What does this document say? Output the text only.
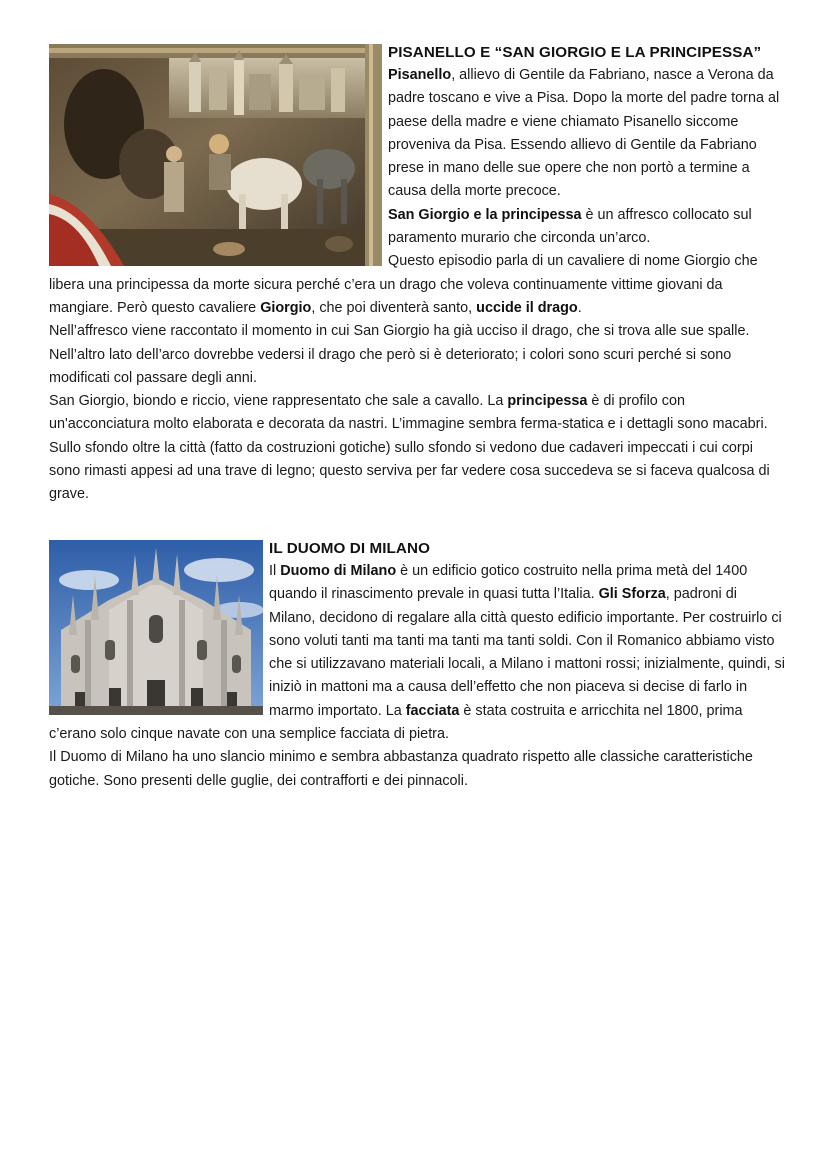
PISANELLO E “SAN GIORGIO E LA PRINCIPESSA”

Pisanello, allievo di Gentile da Fabriano, nasce a Verona da padre toscano e vive a Pisa. Dopo la morte del padre torna al paese della madre e viene chiamato Pisanello siccome proveniva da Pisa. Essendo allievo di Gentile da Fabriano prese in mano delle sue opere che non portò a termine a causa della morte precoce.

San Giorgio e la principessa è un affresco collocato sul paramento murario che circonda un’arco.

Questo episodio parla di un cavaliere di nome Giorgio che libera una principessa da morte sicura perché c’era un drago che voleva continuamente vittime giovani da mangiare. Però questo cavaliere Giorgio, che poi diventerà santo, uccide il drago.

Nell’affresco viene raccontato il momento in cui San Giorgio ha già ucciso il drago, che si trova alle sue spalle. Nell’altro lato dell’arco dovrebbe vedersi il drago che però si è deteriorato; i colori sono scuri perché si sono modificati col passare degli anni.

San Giorgio, biondo e riccio, viene rappresentato che sale a cavallo. La principessa è di profilo con un'acconciatura molto elaborata e decorata da nastri. L’immagine sembra ferma-statica e i dettagli sono macabri. Sullo sfondo oltre la città (fatto da costruzioni gotiche) sullo sfondo si vedono due cadaveri impeccati i cui corpi sono rimasti appesi ad una trave di legno; questo serviva per far vedere cosa succedeva se si faceva qualcosa di grave.

IL DUOMO DI MILANO

Il Duomo di Milano è un edificio gotico costruito nella prima metà del 1400 quando il rinascimento prevale in quasi tutta l’Italia. Gli Sforza, padroni di Milano, decidono di regalare alla città questo edificio importante. Per costruirlo ci sono voluti tanti ma tanti ma tanti ma tanti soldi. Con il Romanico abbiamo visto che si utilizzavano materiali locali, a Milano i mattoni rossi; inizialmente, quindi, si iniziò in mattoni ma a causa dell’effetto che non piaceva si decise di farlo in marmo importato. La facciata è stata costruita e arricchita nel 1800, prima c’erano solo cinque navate con una semplice facciata di pietra.

Il Duomo di Milano ha uno slancio minimo e sembra abbastanza quadrato rispetto alle classiche caratteristiche gotiche. Sono presenti delle guglie, dei contrafforti e dei pinnacoli.
